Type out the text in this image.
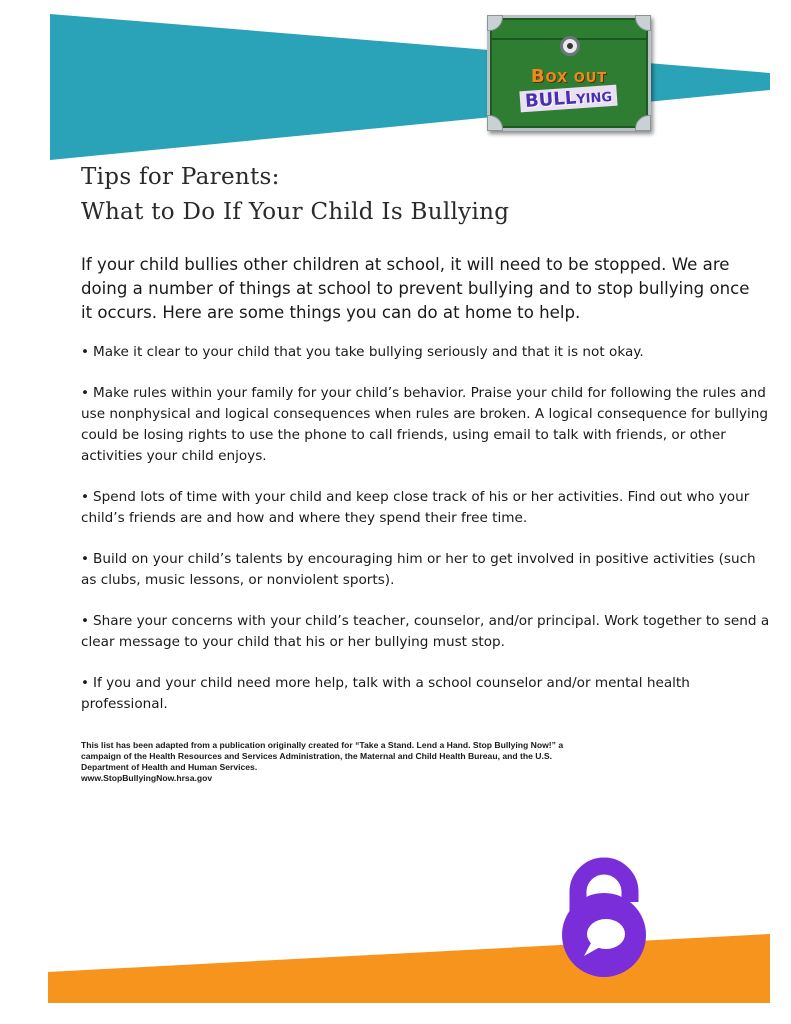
BOX OUT
BULLYING
Tips for Parents:
What to Do If Your Child Is Bullying

If your child bullies other children at school, it will need to be stopped. We are doing a number of things at school to prevent bullying and to stop bullying once it occurs. Here are some things you can do at home to help.

• Make it clear to your child that you take bullying seriously and that it is not okay.
• Make rules within your family for your child’s behavior. Praise your child for following the rules and use nonphysical and logical consequences when rules are broken. A logical consequence for bullying could be losing rights to use the phone to call friends, using email to talk with friends, or other activities your child enjoys.
• Spend lots of time with your child and keep close track of his or her activities. Find out who your child’s friends are and how and where they spend their free time.
• Build on your child’s talents by encouraging him or her to get involved in positive activities (such as clubs, music lessons, or nonviolent sports).
• Share your concerns with your child’s teacher, counselor, and/or principal. Work together to send a clear message to your child that his or her bullying must stop.
• If you and your child need more help, talk with a school counselor and/or mental health professional.
This list has been adapted from a publication originally created for “Take a Stand. Lend a Hand. Stop Bullying Now!” a campaign of the Health Resources and Services Administration, the Maternal and Child Health Bureau, and the U.S. Department of Health and Human Services.
www.StopBullyingNow.hrsa.gov
